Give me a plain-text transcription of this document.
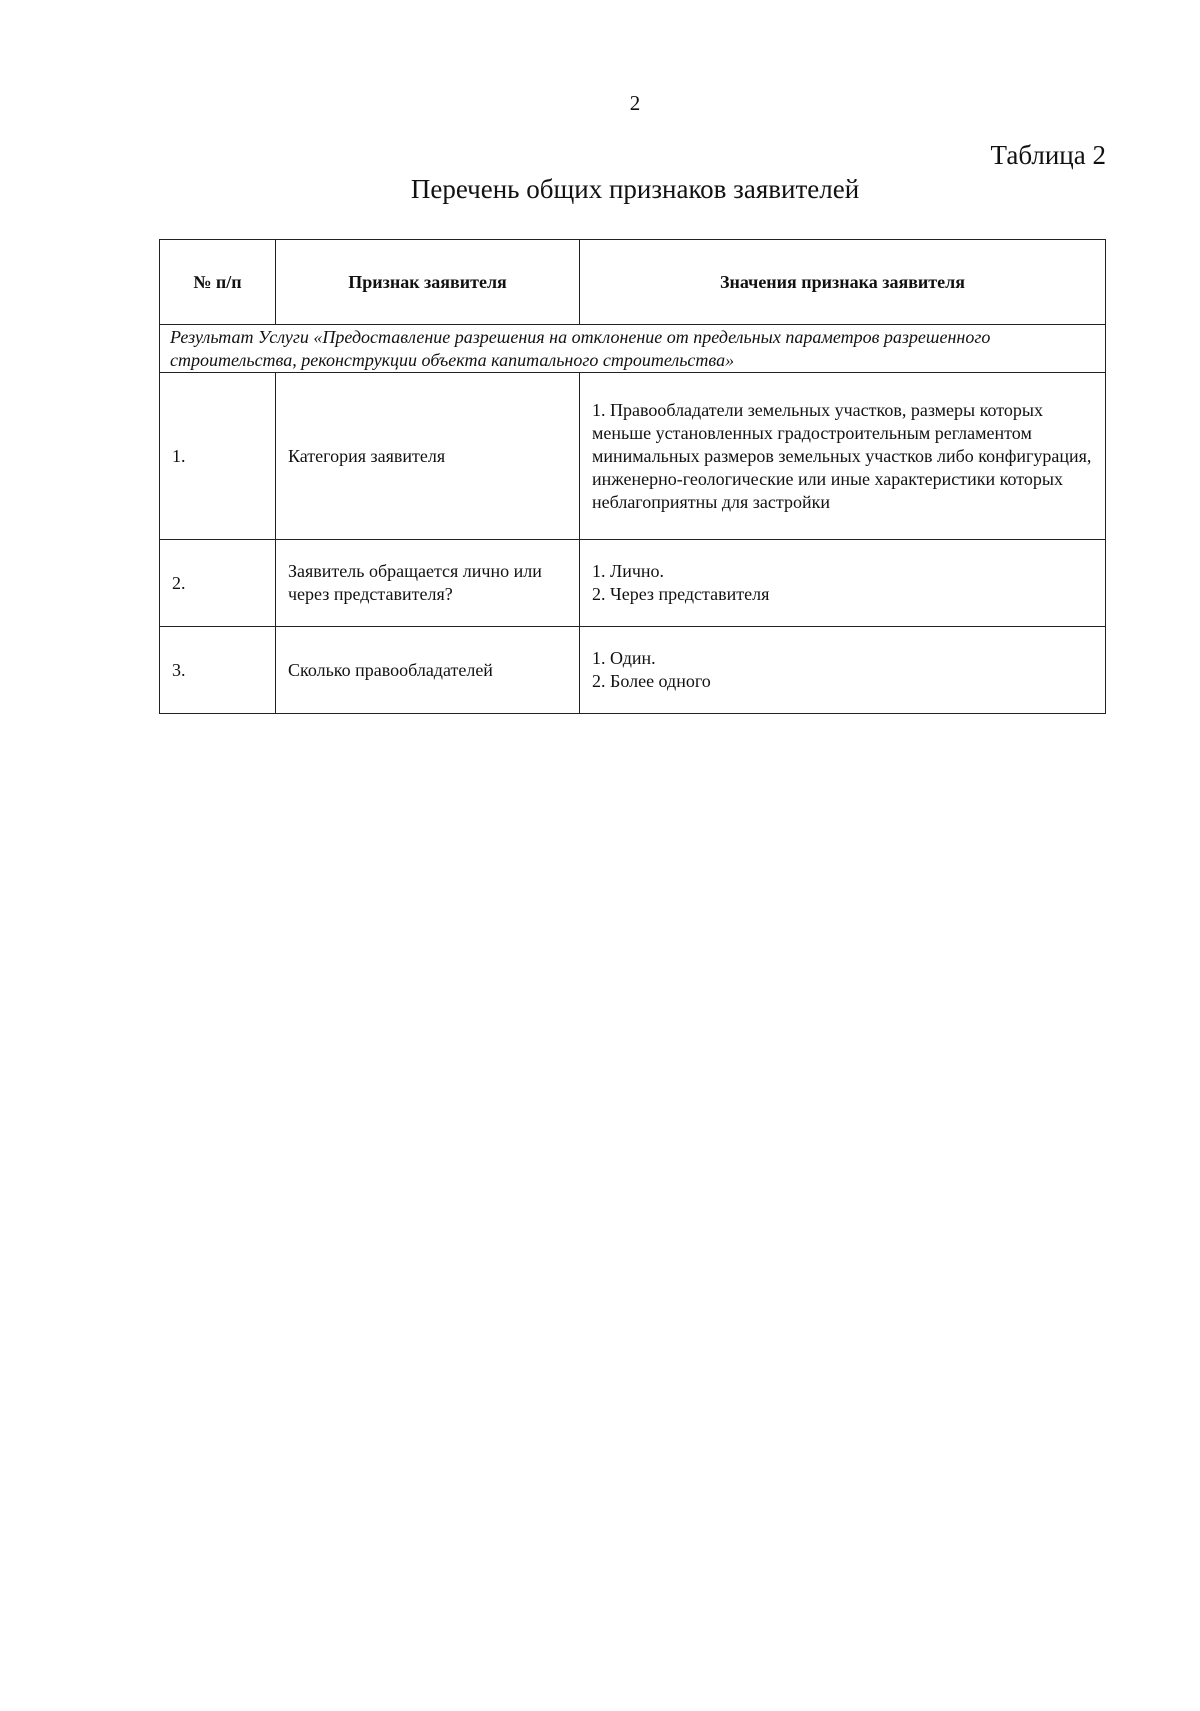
2
Таблица 2
Перечень общих признаков заявителей
№ п/п	Признак заявителя	Значения признака заявителя
Результат Услуги «Предоставление разрешения на отклонение от предельных параметров разрешенного строительства, реконструкции объекта капитального строительства»		
1.	Категория заявителя	1. Правообладатели земельных участков, размеры которых меньше установленных градостроительным регламентом минимальных размеров земельных участков либо конфигурация, инженерно-геологические или иные характеристики которых неблагоприятны для застройки

2.	Заявитель обращается лично или через представителя?	1. Лично.
2. Через представителя

3.	Сколько правообладателей	1. Один.
2. Более одного
